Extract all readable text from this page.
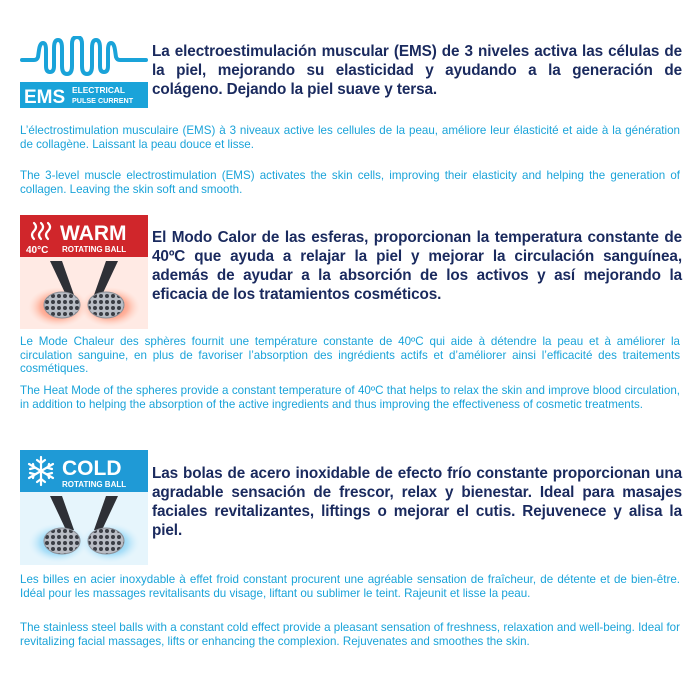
EMS ELECTRICAL
PULSE CURRENT

La electroestimulación muscular (EMS) de 3 niveles activa las células de la piel, mejorando su elasticidad y ayudando a la generación de colágeno. Dejando la piel suave y tersa.

L’électrostimulation musculaire (EMS) à 3 niveaux active les cellules de la peau, améliore leur élasticité et aide à la génération de collagène. Laissant la peau douce et lisse.

The 3-level muscle electrostimulation (EMS) activates the skin cells, improving their elasticity and helping the generation of collagen. Leaving the skin soft and smooth.

40°C
WARM
ROTATING BALL

El Modo Calor de las esferas, proporcionan la temperatura constante de 40ºC que ayuda a relajar la piel y mejorar la circulación sanguínea, además de ayudar a la absorción de los activos y así mejorando la eficacia de los tratamientos cosméticos.

Le Mode Chaleur des sphères fournit une température constante de 40ºC qui aide à détendre la peau et à améliorer la circulation sanguine, en plus de favoriser l’absorption des ingrédients actifs et d’améliorer ainsi l’efficacité des traitements cosmétiques.

The Heat Mode of the spheres provide a constant temperature of 40ºC that helps to relax the skin and improve blood circulation, in addition to helping the absorption of the active ingredients and thus improving the effectiveness of cosmetic treatments.

COLD
ROTATING BALL

Las bolas de acero inoxidable de efecto frío constante proporcionan una agradable sensación de frescor, relax y bienestar. Ideal para masajes faciales revitalizantes, liftings o mejorar el cutis. Rejuvenece y alisa la piel.

Les billes en acier inoxydable à effet froid constant procurent une agréable sensation de fraîcheur, de détente et de bien-être. Idéal pour les massages revitalisants du visage, liftant ou sublimer le teint. Rajeunit et lisse la peau.

The stainless steel balls with a constant cold effect provide a pleasant sensation of freshness, relaxation and well-being. Ideal for revitalizing facial massages, lifts or enhancing the complexion. Rejuvenates and smoothes the skin.
